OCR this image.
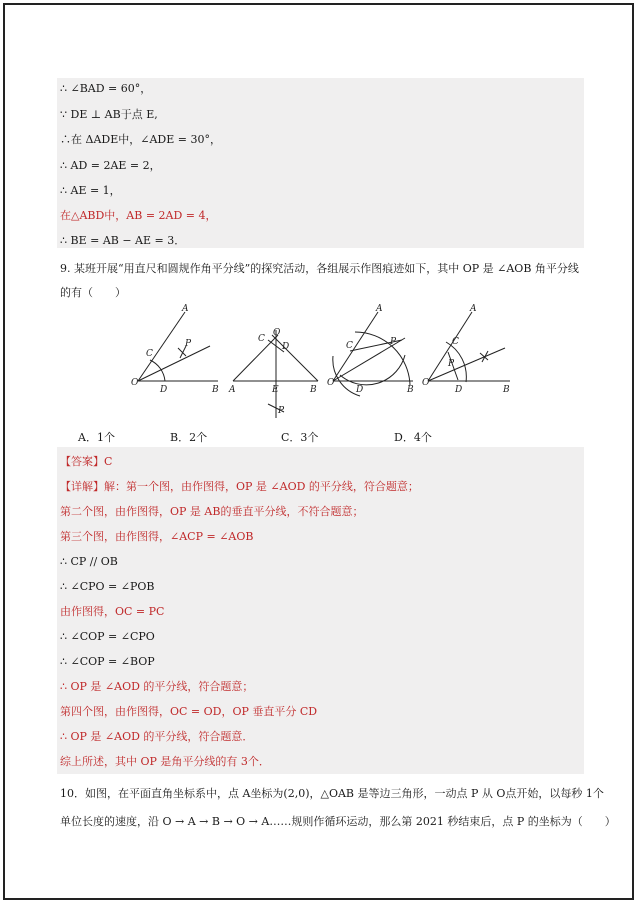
∴ ∠BAD = 60°，
∵ DE ⊥ AB于点 E,
∴在 ΔADE中，∠ADE = 30°，
∴ AD = 2AE = 2，
∴ AE = 1，
在△ABD中，AB = 2AD = 4，
∴ BE = AB − AE = 3．
9. 某班开展“用直尺和圆规作角平分线”的探究活动，各组展示作图痕迹如下，其中 OP 是 ∠AOB 角平分线
的有（　　）
O
D	B
A
C
P
A	E	B
C
O
D
P
O
D	B
A
C	P
O
D	B
A
C
P
A．1个	B．2个	C．3个	D．4个
【答案】C
【详解】解：第一个图，由作图得，OP 是 ∠AOD 的平分线，符合题意；
第二个图，由作图得，OP 是 AB的垂直平分线，不符合题意；
第三个图，由作图得，∠ACP = ∠AOB
∴ CP // OB
∴ ∠CPO = ∠POB
由作图得，OC = PC
∴ ∠COP = ∠CPO
∴ ∠COP = ∠BOP
∴ OP 是 ∠AOD 的平分线，符合题意；
第四个图，由作图得，OC = OD，OP 垂直平分 CD
∴ OP 是 ∠AOD 的平分线，符合题意．
综上所述，其中 OP 是角平分线的有 3个．
10．如图，在平面直角坐标系中，点 A坐标为(2,0)，△OAB 是等边三角形，一动点 P 从 O点开始，以每秒 1个
单位长度的速度，沿 O → A → B → O → A……规则作循环运动，那么第 2021 秒结束后，点 P 的坐标为（　　）
